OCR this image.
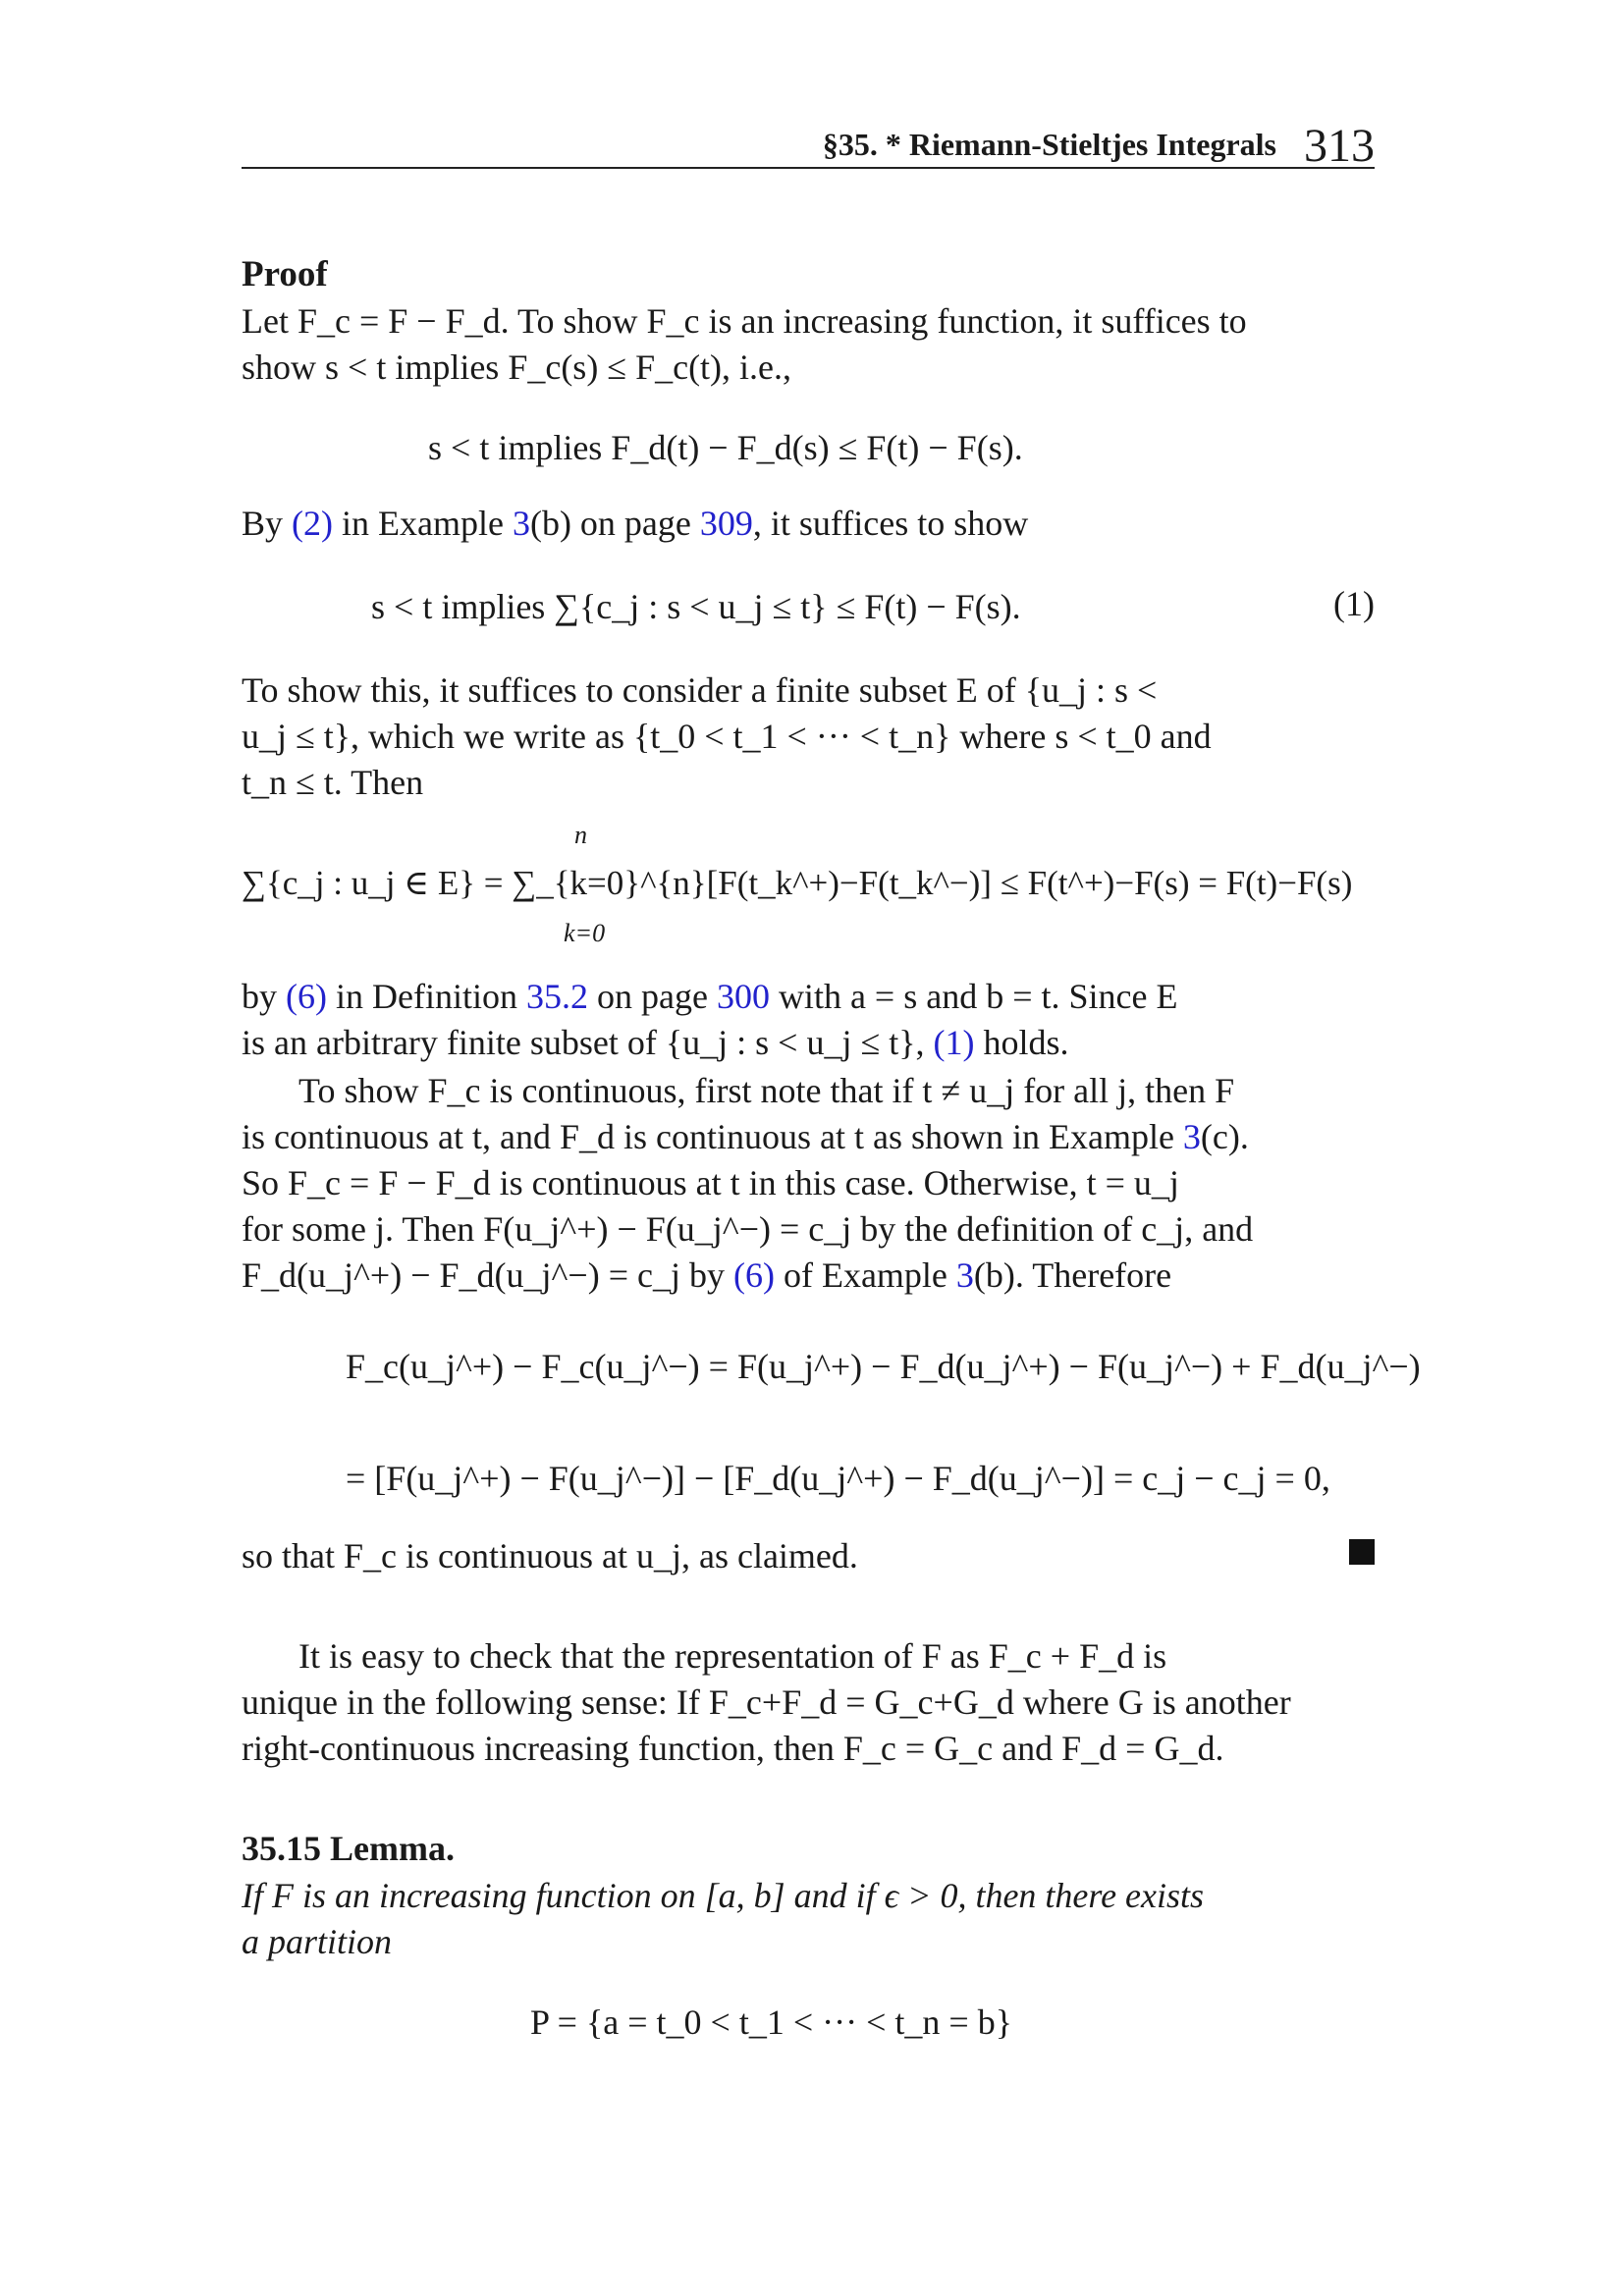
§35. * Riemann-Stieltjes Integrals 313
Proof
Let F_c = F − F_d. To show F_c is an increasing function, it suffices to
show s < t implies F_c(s) ≤ F_c(t), i.e.,
s < t implies F_d(t) − F_d(s) ≤ F(t) − F(s).
By (2) in Example 3(b) on page 309, it suffices to show
s < t implies ∑{c_j : s < u_j ≤ t} ≤ F(t) − F(s).	(1)
To show this, it suffices to consider a finite subset E of {u_j : s <
u_j ≤ t}, which we write as {t_0 < t_1 < ··· < t_n} where s < t_0 and
t_n ≤ t. Then
n
∑{c_j : u_j ∈ E} = ∑_{k=0}^{n}[F(t_k^+)−F(t_k^−)] ≤ F(t^+)−F(s) = F(t)−F(s)
k=0
by (6) in Definition 35.2 on page 300 with a = s and b = t. Since E
is an arbitrary finite subset of {u_j : s < u_j ≤ t}, (1) holds.
To show F_c is continuous, first note that if t ≠ u_j for all j, then F
is continuous at t, and F_d is continuous at t as shown in Example 3(c).
So F_c = F − F_d is continuous at t in this case. Otherwise, t = u_j
for some j. Then F(u_j^+) − F(u_j^−) = c_j by the definition of c_j, and
F_d(u_j^+) − F_d(u_j^−) = c_j by (6) of Example 3(b). Therefore
F_c(u_j^+) − F_c(u_j^−) = F(u_j^+) − F_d(u_j^+) − F(u_j^−) + F_d(u_j^−)
= [F(u_j^+) − F(u_j^−)] − [F_d(u_j^+) − F_d(u_j^−)] = c_j − c_j = 0,
so that F_c is continuous at u_j, as claimed.
It is easy to check that the representation of F as F_c + F_d is
unique in the following sense: If F_c+F_d = G_c+G_d where G is another
right-continuous increasing function, then F_c = G_c and F_d = G_d.
35.15 Lemma.
If F is an increasing function on [a, b] and if ϵ > 0, then there exists
a partition
P = {a = t_0 < t_1 < ··· < t_n = b}
